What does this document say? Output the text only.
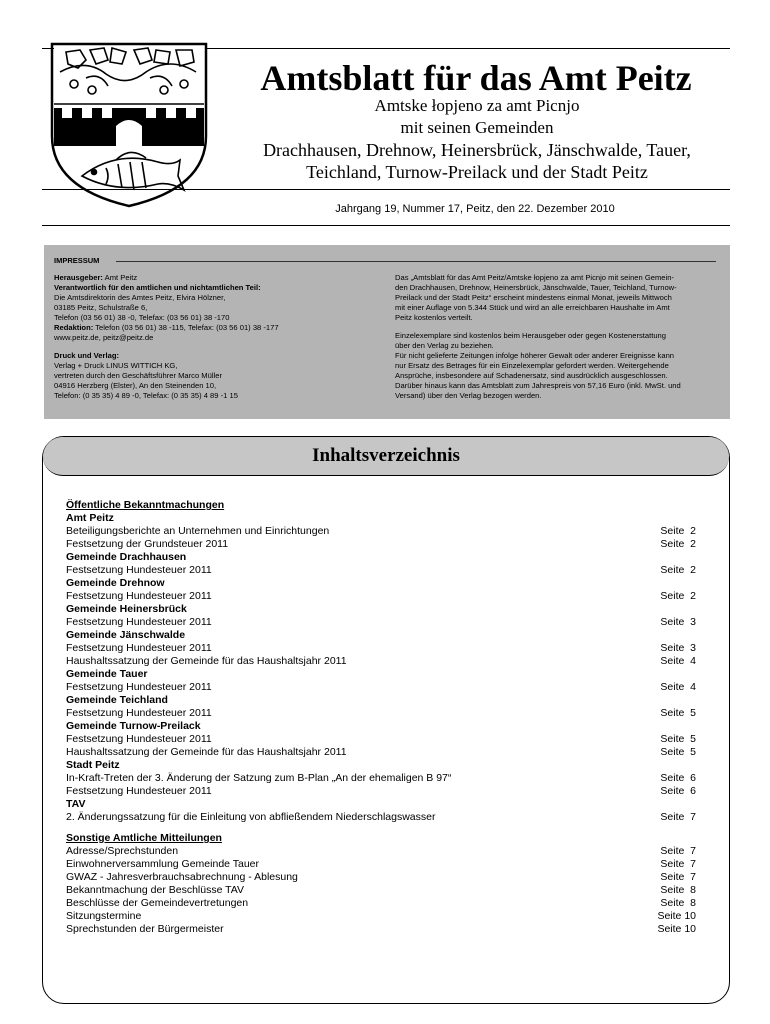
Amtsblatt für das Amt Peitz
Amtske łopjeno za amt Picnjo
mit seinen Gemeinden
Drachhausen, Drehnow, Heinersbrück, Jänschwalde, Tauer,
Teichland, Turnow-Preilack und der Stadt Peitz
Jahrgang 19, Nummer 17, Peitz, den 22. Dezember 2010
IMPRESSUM

Herausgeber: Amt Peitz

Verantwortlich für den amtlichen und nichtamtlichen Teil:

Die Amtsdirektorin des Amtes Peitz, Elvira Hölzner,

03185 Peitz, Schulstraße 6,

Telefon (03 56 01) 38 -0, Telefax: (03 56 01) 38 -170

Redaktion: Telefon (03 56 01) 38 -115, Telefax: (03 56 01) 38 -177

www.peitz.de, peitz@peitz.de

Druck und Verlag:

Verlag + Druck LINUS WITTICH KG,

vertreten durch den Geschäftsführer Marco Müller

04916 Herzberg (Elster), An den Steinenden 10,

Telefon: (0 35 35) 4 89 -0, Telefax: (0 35 35) 4 89 -1 15

Das „Amtsblatt für das Amt Peitz/Amtske łopjeno za amt Picnjo mit seinen Gemein-

den Drachhausen, Drehnow, Heinersbrück, Jänschwalde, Tauer, Teichland, Turnow-

Preilack und der Stadt Peitz“ erscheint mindestens einmal Monat, jeweils Mittwoch

mit einer Auflage von 5.344 Stück und wird an alle erreichbaren Haushalte im Amt

Peitz kostenlos verteilt.

Einzelexemplare sind kostenlos beim Herausgeber oder gegen Kostenerstattung

über den Verlag zu beziehen.

Für nicht gelieferte Zeitungen infolge höherer Gewalt oder anderer Ereignisse kann

nur Ersatz des Betrages für ein Einzelexemplar gefordert werden. Weitergehende

Ansprüche, insbesondere auf Schadenersatz, sind ausdrücklich ausgeschlossen.

Darüber hinaus kann das Amtsblatt zum Jahrespreis von 57,16 Euro (inkl. MwSt. und

Versand) über den Verlag bezogen werden.

Inhaltsverzeichnis
Öffentliche Bekanntmachungen
Amt Peitz
Beteiligungsberichte an Unternehmen und Einrichtungen	Seite  2
Festsetzung der Grundsteuer 2011	Seite  2
Gemeinde Drachhausen
Festsetzung Hundesteuer 2011	Seite  2
Gemeinde Drehnow
Festsetzung Hundesteuer 2011	Seite  2
Gemeinde Heinersbrück
Festsetzung Hundesteuer 2011	Seite  3
Gemeinde Jänschwalde
Festsetzung Hundesteuer 2011	Seite  3
Haushaltssatzung der Gemeinde für das Haushaltsjahr 2011	Seite  4
Gemeinde Tauer
Festsetzung Hundesteuer 2011	Seite  4
Gemeinde Teichland
Festsetzung Hundesteuer 2011	Seite  5
Gemeinde Turnow-Preilack
Festsetzung Hundesteuer 2011	Seite  5
Haushaltssatzung der Gemeinde für das Haushaltsjahr 2011	Seite  5
Stadt Peitz
In-Kraft-Treten der 3. Änderung der Satzung zum B-Plan „An der ehemaligen B 97“	Seite  6
Festsetzung Hundesteuer 2011	Seite  6
TAV
2. Änderungssatzung für die Einleitung von abfließendem Niederschlagswasser	Seite  7
Sonstige Amtliche Mitteilungen
Adresse/Sprechstunden	Seite  7
Einwohnerversammlung Gemeinde Tauer	Seite  7
GWAZ - Jahresverbrauchsabrechnung - Ablesung	Seite  7
Bekanntmachung der Beschlüsse TAV	Seite  8
Beschlüsse der Gemeindevertretungen	Seite  8
Sitzungstermine	Seite 10
Sprechstunden der Bürgermeister	Seite 10
